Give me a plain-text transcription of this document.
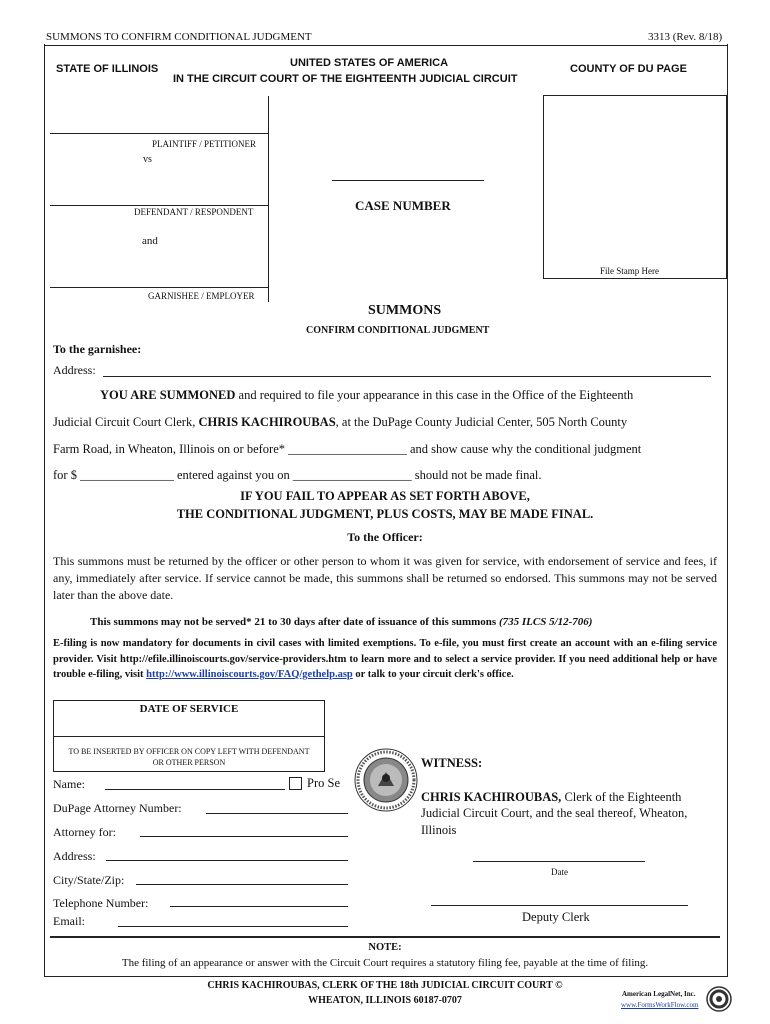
SUMMONS TO CONFIRM CONDITIONAL JUDGMENT	3313 (Rev. 8/18)
STATE OF ILLINOIS	UNITED STATES OF AMERICA	COUNTY OF DU PAGE
IN THE CIRCUIT COURT OF THE EIGHTEENTH JUDICIAL CIRCUIT
PLAINTIFF / PETITIONER
vs
DEFENDANT / RESPONDENT
and
GARNISHEE / EMPLOYER
CASE NUMBER
File Stamp Here
SUMMONS
CONFIRM CONDITIONAL JUDGMENT
To the garnishee:
Address:
YOU ARE SUMMONED and required to file your appearance in this case in the Office of the Eighteenth
Judicial Circuit Court Clerk, CHRIS KACHIROUBAS, at the DuPage County Judicial Center, 505 North County
Farm Road, in Wheaton, Illinois on or before* ___________________ and show cause why the conditional judgment
for $ _______________ entered against you on ___________________ should not be made final.
IF YOU FAIL TO APPEAR AS SET FORTH ABOVE,
THE CONDITIONAL JUDGMENT, PLUS COSTS, MAY BE MADE FINAL.
To the Officer:
This summons must be returned by the officer or other person to whom it was given for service, with endorsement of service and fees, if any, immediately after service. If service cannot be made, this summons shall be returned so endorsed. This summons may not be served later than the above date.
This summons may not be served* 21 to 30 days after date of issuance of this summons (735 ILCS 5/12-706)
E-filing is now mandatory for documents in civil cases with limited exemptions. To e-file, you must first create an account with an e-filing service provider. Visit http://efile.illinoiscourts.gov/service-providers.htm to learn more and to select a service provider. If you need additional help or have trouble e-filing, visit http://www.illinoiscourts.gov/FAQ/gethelp.asp or talk to your circuit clerk's office.
DATE OF SERVICE
TO BE INSERTED BY OFFICER ON COPY LEFT WITH DEFENDANT
OR OTHER PERSON
Name:	Pro Se
DuPage Attorney Number:
Attorney for:
Address:
City/State/Zip:
Telephone Number:
Email:
WITNESS:
CHRIS KACHIROUBAS, Clerk of the Eighteenth
Judicial Circuit Court, and the seal thereof, Wheaton,
Illinois
Date
Deputy Clerk
NOTE:
The filing of an appearance or answer with the Circuit Court requires a statutory filing fee, payable at the time of filing.
CHRIS KACHIROUBAS, CLERK OF THE 18th JUDICIAL CIRCUIT COURT ©
WHEATON, ILLINOIS 60187-0707
American LegalNet, Inc.
www.FormsWorkFlow.com
